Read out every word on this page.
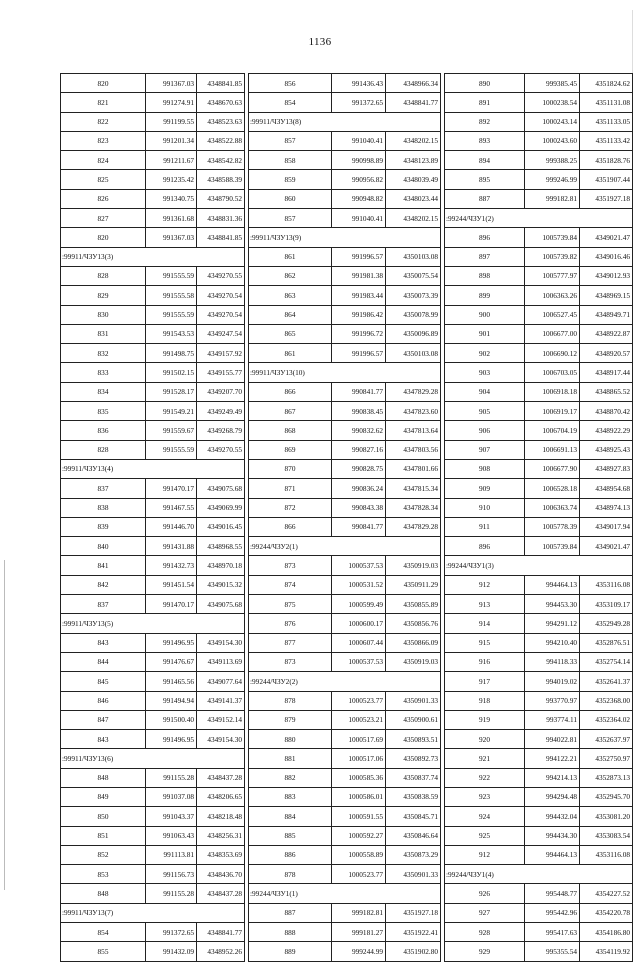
1136
820	991367.03	4348841.85		856	991436.43	4348966.34		890	999385.45	4351824.62
821	991274.91	4348670.63		854	991372.65	4348841.77		891	1000238.54	4351131.08
822	991199.55	4348523.63		:99911/ЧЗУ13(8)				892	1000243.14	4351133.05
823	991201.34	4348522.88		857	991040.41	4348202.15		893	1000243.60	4351133.42
824	991211.67	4348542.82		858	990998.89	4348123.89		894	999388.25	4351828.76
825	991235.42	4348588.39		859	990956.82	4348039.49		895	999246.99	4351907.44
826	991340.75	4348790.52		860	990948.82	4348023.44		887	999182.81	4351927.18
827	991361.68	4348831.36		857	991040.41	4348202.15		:99244/ЧЗУ1(2)		
820	991367.03	4348841.85		:99911/ЧЗУ13(9)				896	1005739.84	4349021.47
:99911/ЧЗУ13(3)				861	991996.57	4350103.08		897	1005739.82	4349016.46
828	991555.59	4349270.55		862	991981.38	4350075.54		898	1005777.97	4349012.93
829	991555.58	4349270.54		863	991983.44	4350073.39		899	1006363.26	4348969.15
830	991555.59	4349270.54		864	991986.42	4350078.99		900	1006527.45	4348949.71
831	991543.53	4349247.54		865	991996.72	4350096.89		901	1006677.00	4348922.87
832	991498.75	4349157.92		861	991996.57	4350103.08		902	1006690.12	4348920.57
833	991502.15	4349155.77		:99911/ЧЗУ13(10)				903	1006703.05	4348917.44
834	991528.17	4349207.70		866	990841.77	4347829.28		904	1006918.18	4348865.52
835	991549.21	4349249.49		867	990838.45	4347823.60		905	1006919.17	4348870.42
836	991559.67	4349268.79		868	990832.62	4347813.64		906	1006704.19	4348922.29
828	991555.59	4349270.55		869	990827.16	4347803.56		907	1006691.13	4348925.43
:99911/ЧЗУ13(4)				870	990828.75	4347801.66		908	1006677.90	4348927.83
837	991470.17	4349075.68		871	990836.24	4347815.34		909	1006528.18	4348954.68
838	991467.55	4349069.99		872	990843.38	4347828.34		910	1006363.74	4348974.13
839	991446.70	4349016.45		866	990841.77	4347829.28		911	1005778.39	4349017.94
840	991431.88	4348968.55		:99244/ЧЗУ2(1)				896	1005739.84	4349021.47
841	991432.73	4348970.18		873	1000537.53	4350919.03		:99244/ЧЗУ1(3)		
842	991451.54	4349015.32		874	1000531.52	4350911.29		912	994464.13	4353116.08
837	991470.17	4349075.68		875	1000599.49	4350855.89		913	994453.30	4353109.17
:99911/ЧЗУ13(5)				876	1000600.17	4350856.76		914	994291.12	4352949.28
843	991496.95	4349154.30		877	1000607.44	4350866.09		915	994210.40	4352876.51
844	991476.67	4349113.69		873	1000537.53	4350919.03		916	994118.33	4352754.14
845	991465.56	4349077.64		:99244/ЧЗУ2(2)				917	994019.02	4352641.37
846	991494.94	4349141.37		878	1000523.77	4350901.33		918	993770.97	4352368.00
847	991500.40	4349152.14		879	1000523.21	4350900.61		919	993774.11	4352364.02
843	991496.95	4349154.30		880	1000517.69	4350893.51		920	994022.81	4352637.97
:99911/ЧЗУ13(6)				881	1000517.06	4350892.73		921	994122.21	4352750.97
848	991155.28	4348437.28		882	1000585.36	4350837.74		922	994214.13	4352873.13
849	991037.08	4348206.65		883	1000586.01	4350838.59		923	994294.48	4352945.70
850	991043.37	4348218.48		884	1000591.55	4350845.71		924	994432.04	4353081.20
851	991063.43	4348256.31		885	1000592.27	4350846.64		925	994434.30	4353083.54
852	991113.81	4348353.69		886	1000558.89	4350873.29		912	994464.13	4353116.08
853	991156.73	4348436.70		878	1000523.77	4350901.33		:99244/ЧЗУ1(4)		
848	991155.28	4348437.28		:99244/ЧЗУ1(1)				926	995448.77	4354227.52
:99911/ЧЗУ13(7)				887	999182.81	4351927.18		927	995442.96	4354220.78
854	991372.65	4348841.77		888	999181.27	4351922.41		928	995417.63	4354186.80
855	991432.09	4348952.26		889	999244.99	4351902.80		929	995355.54	4354119.92
